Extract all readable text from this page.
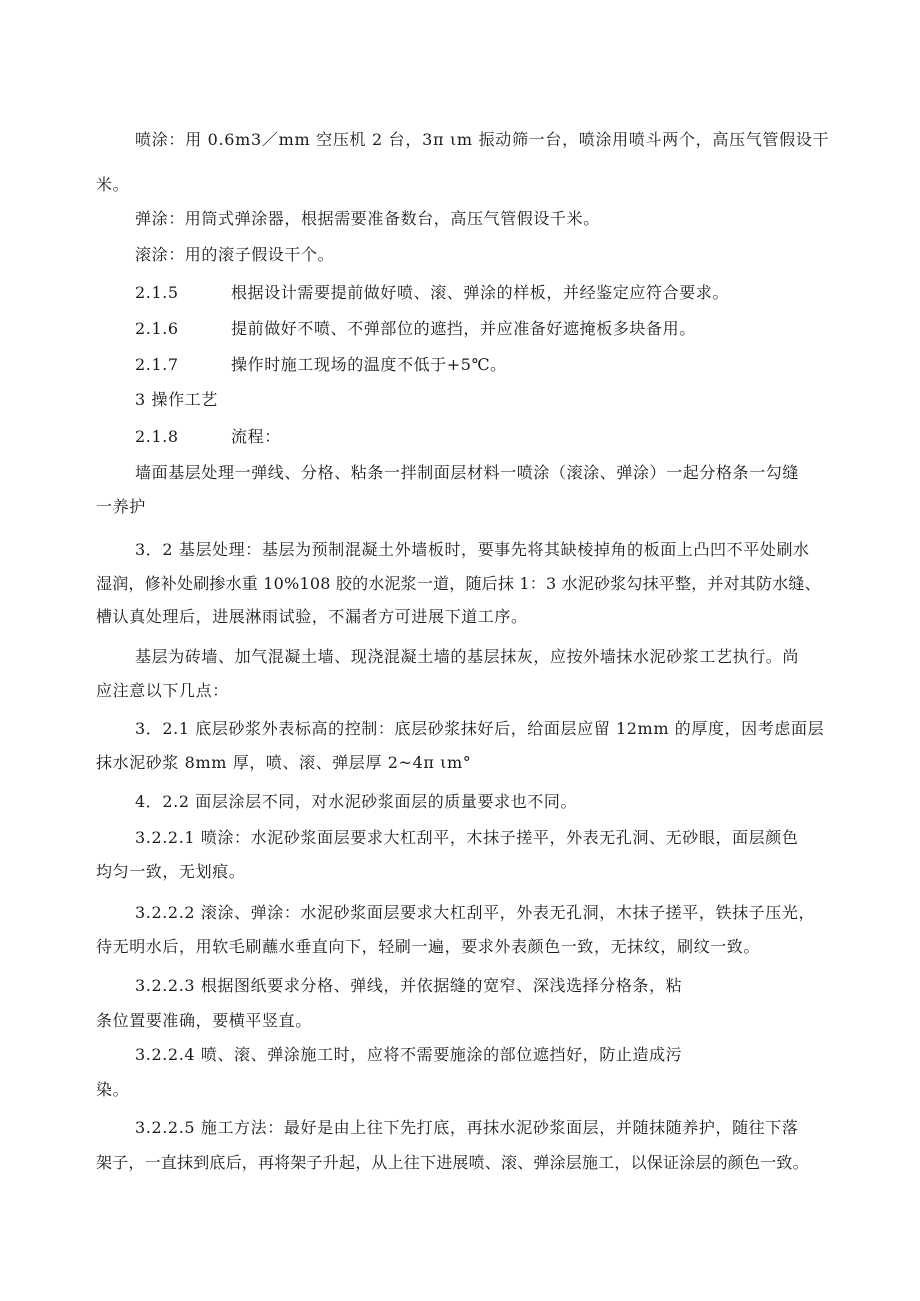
喷涂：用 0.6m3／mm 空压机 2 台，3π ιm 振动筛一台，喷涂用喷斗两个，高压气管假设干
米。
弹涂：用筒式弹涂器，根据需要准备数台，高压气管假设千米。
滚涂：用的滚子假设干个。
2.1.5	根据设计需要提前做好喷、滚、弹涂的样板，并经鉴定应符合要求。
2.1.6	提前做好不喷、不弹部位的遮挡，并应准备好遮掩板多块备用。
2.1.7	操作时施工现场的温度不低于+5℃。
3 操作工艺
2.1.8	流程：
墙面基层处理一弹线、分格、粘条一拌制面层材料一喷涂（滚涂、弹涂）一起分格条一勾缝
一养护
3．2 基层处理：基层为预制混凝土外墙板时，要事先将其缺棱掉角的板面上凸凹不平处刷水
湿润，修补处刷掺水重 10%108 胶的水泥浆一道，随后抹 1：3 水泥砂浆勾抹平整，并对其防水缝、
槽认真处理后，进展淋雨试验，不漏者方可进展下道工序。
基层为砖墙、加气混凝土墙、现浇混凝土墙的基层抹灰，应按外墙抹水泥砂浆工艺执行。尚
应注意以下几点：
3．2.1 底层砂浆外表标高的控制：底层砂浆抹好后，给面层应留 12mm 的厚度，因考虑面层
抹水泥砂浆 8mm 厚，喷、滚、弹层厚 2~4π ιm°
4．2.2 面层涂层不同，对水泥砂浆面层的质量要求也不同。
3.2.2.1 喷涂：水泥砂浆面层要求大杠刮平，木抹子搓平，外表无孔洞、无砂眼，面层颜色
均匀一致，无划痕。
3.2.2.2 滚涂、弹涂：水泥砂浆面层要求大杠刮平，外表无孔洞，木抹子搓平，铁抹子压光，
待无明水后，用软毛刷蘸水垂直向下，轻刷一遍，要求外表颜色一致，无抹纹，刷纹一致。
3.2.2.3 根据图纸要求分格、弹线，并依据缝的宽窄、深浅选择分格条，粘
条位置要准确，要横平竖直。
3.2.2.4 喷、滚、弹涂施工时，应将不需要施涂的部位遮挡好，防止造成污
染。
3.2.2.5 施工方法：最好是由上往下先打底，再抹水泥砂浆面层，并随抹随养护，随往下落
架子，一直抹到底后，再将架子升起，从上往下进展喷、滚、弹涂层施工，以保证涂层的颜色一致。
